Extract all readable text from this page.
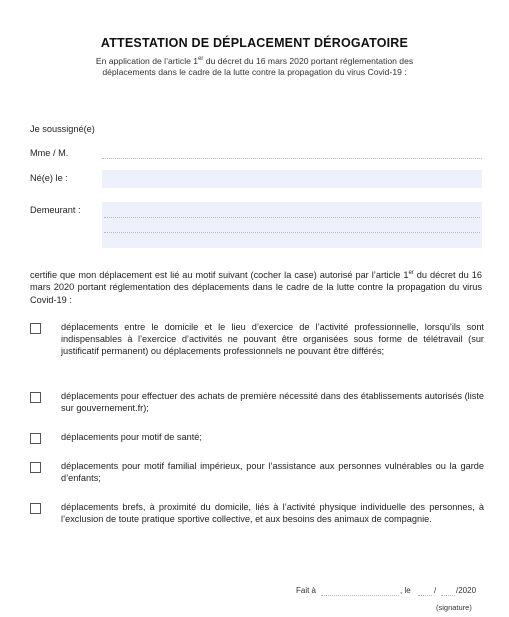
ATTESTATION DE DÉPLACEMENT DÉROGATOIRE
En application de l’article 1er du décret du 16 mars 2020 portant réglementation des
déplacements dans le cadre de la lutte contre la propagation du virus Covid-19 :
Je soussigné(e)
Mme / M.
Né(e) le :
Demeurant :
certifie que mon déplacement est lié au motif suivant (cocher la case) autorisé par l’article 1er du décret du 16 mars 2020 portant réglementation des déplacements dans le cadre de la lutte contre la propagation du virus Covid-19 :
déplacements entre le domicile et le lieu d’exercice de l’activité professionnelle, lorsqu’ils sont indispensables à l’exercice d’activités ne pouvant être organisées sous forme de télétravail (sur justificatif permanent) ou déplacements professionnels ne pouvant être différés;
déplacements pour effectuer des achats de première nécessité dans des établissements autorisés (liste sur gouvernement.fr);
déplacements pour motif de santé;
déplacements pour motif familial impérieux, pour l’assistance aux personnes vulnérables ou la garde d’enfants;
déplacements brefs, à proximité du domicile, liés à l’activité physique individuelle des personnes, à l’exclusion de toute pratique sportive collective, et aux besoins des animaux de compagnie.
Fait à	, le	/ /2020
(signature)
